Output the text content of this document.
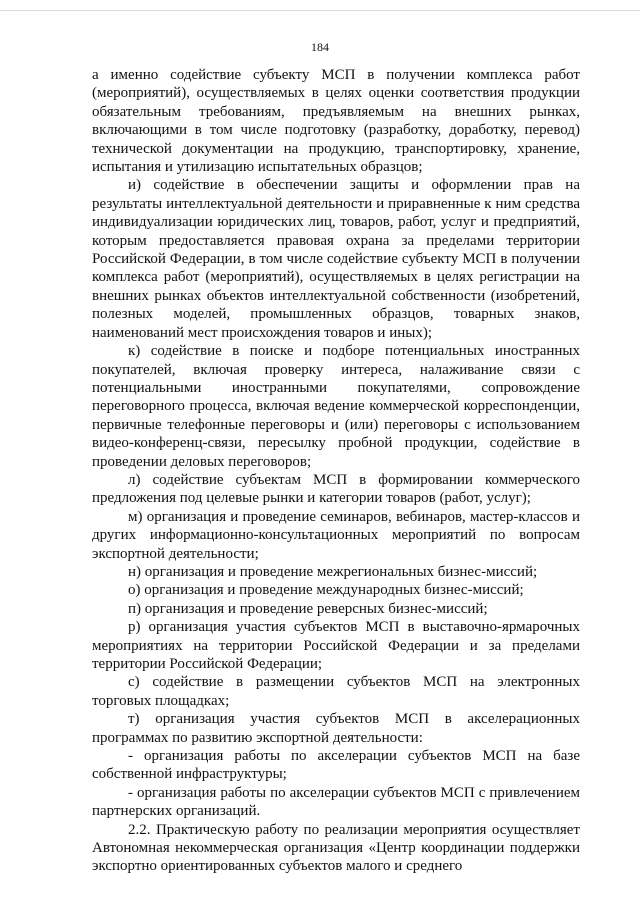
184

а именно содействие субъекту МСП в получении комплекса работ (мероприятий), осуществляемых в целях оценки соответствия продукции обязательным требованиям, предъявляемым на внешних рынках, включающими в том числе подготовку (разработку, доработку, перевод) технической документации на продукцию, транспортировку, хранение, испытания и утилизацию испытательных образцов;

и) содействие в обеспечении защиты и оформлении прав на результаты интеллектуальной деятельности и приравненные к ним средства индивидуализации юридических лиц, товаров, работ, услуг и предприятий, которым предоставляется правовая охрана за пределами территории Российской Федерации, в том числе содействие субъекту МСП в получении комплекса работ (мероприятий), осуществляемых в целях регистрации на внешних рынках объектов интеллектуальной собственности (изобретений, полезных моделей, промышленных образцов, товарных знаков, наименований мест происхождения товаров и иных);

к) содействие в поиске и подборе потенциальных иностранных покупателей, включая проверку интереса, налаживание связи с потенциальными иностранными покупателями, сопровождение переговорного процесса, включая ведение коммерческой корреспонденции, первичные телефонные переговоры и (или) переговоры с использованием видео-конференц-связи, пересылку пробной продукции, содействие в проведении деловых переговоров;

л) содействие субъектам МСП в формировании коммерческого предложения под целевые рынки и категории товаров (работ, услуг);

м) организация и проведение семинаров, вебинаров, мастер-классов и других информационно-консультационных мероприятий по вопросам экспортной деятельности;

н) организация и проведение межрегиональных бизнес-миссий;

о) организация и проведение международных бизнес-миссий;

п) организация и проведение реверсных бизнес-миссий;

р) организация участия субъектов МСП в выставочно-ярмарочных мероприятиях на территории Российской Федерации и за пределами территории Российской Федерации;

с) содействие в размещении субъектов МСП на электронных торговых площадках;

т) организация участия субъектов МСП в акселерационных программах по развитию экспортной деятельности:

- организация работы по акселерации субъектов МСП на базе собственной инфраструктуры;

- организация работы по акселерации субъектов МСП с привлечением партнерских организаций.

2.2. Практическую работу по реализации мероприятия осуществляет Автономная некоммерческая организация «Центр координации поддержки экспортно ориентированных субъектов малого и среднего
